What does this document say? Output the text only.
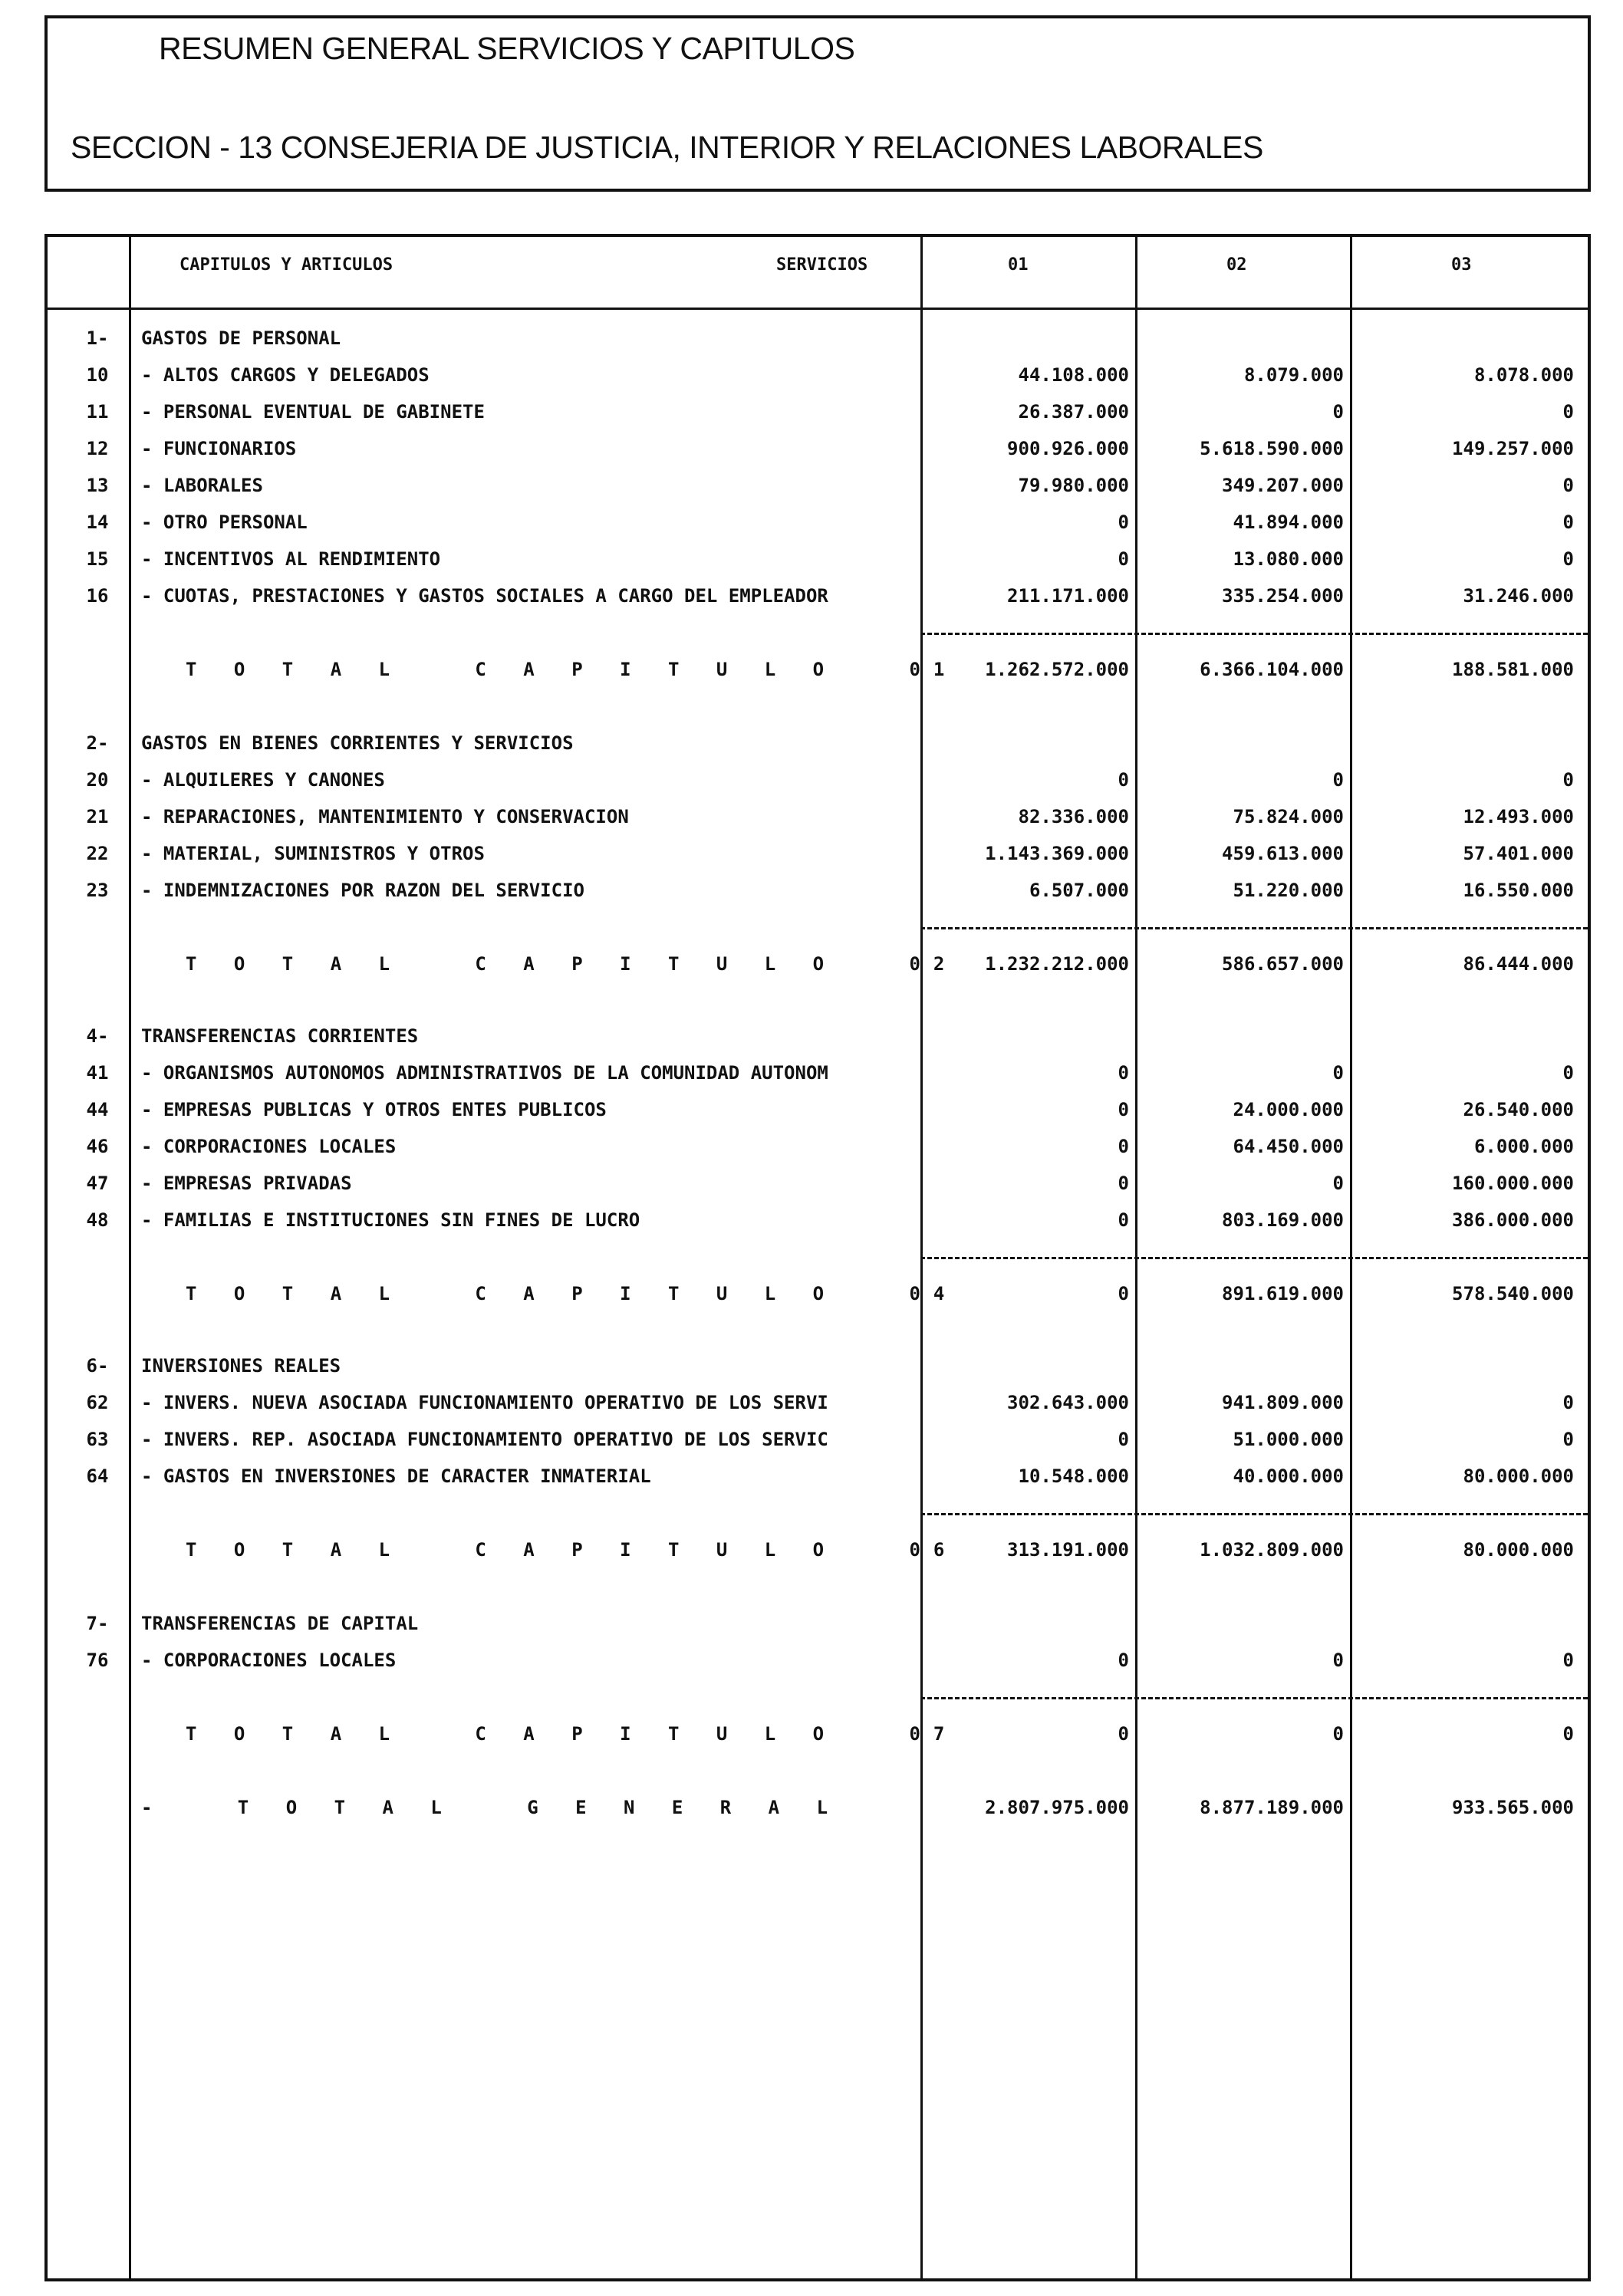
RESUMEN GENERAL SERVICIOS Y CAPITULOS
SECCION - 13 CONSEJERIA DE JUSTICIA, INTERIOR Y RELACIONES LABORALES
CAPITULOS Y ARTICULOS	SERVICIOS	01	02	03
1-	GASTOS DE PERSONAL
10	- ALTOS CARGOS Y DELEGADOS	44.108.000	8.079.000	8.078.000
11	- PERSONAL EVENTUAL DE GABINETE	26.387.000	0	0
12	- FUNCIONARIOS	900.926.000	5.618.590.000	149.257.000
13	- LABORALES	79.980.000	349.207.000	0
14	- OTRO PERSONAL	0	41.894.000	0
15	- INCENTIVOS AL RENDIMIENTO	0	13.080.000	0
16	- CUOTAS, PRESTACIONES Y GASTOS SOCIALES A CARGO DEL EMPLEADOR	211.171.000	335.254.000	31.246.000
T O T A L   C A P I T U L O   01	1.262.572.000	6.366.104.000	188.581.000
2-	GASTOS EN BIENES CORRIENTES Y SERVICIOS
20	- ALQUILERES Y CANONES	0	0	0
21	- REPARACIONES, MANTENIMIENTO Y CONSERVACION	82.336.000	75.824.000	12.493.000
22	- MATERIAL, SUMINISTROS Y OTROS	1.143.369.000	459.613.000	57.401.000
23	- INDEMNIZACIONES POR RAZON DEL SERVICIO	6.507.000	51.220.000	16.550.000
T O T A L   C A P I T U L O   02	1.232.212.000	586.657.000	86.444.000
4-	TRANSFERENCIAS CORRIENTES
41	- ORGANISMOS AUTONOMOS ADMINISTRATIVOS DE LA COMUNIDAD AUTONOM	0	0	0
44	- EMPRESAS PUBLICAS Y OTROS ENTES PUBLICOS	0	24.000.000	26.540.000
46	- CORPORACIONES LOCALES	0	64.450.000	6.000.000
47	- EMPRESAS PRIVADAS	0	0	160.000.000
48	- FAMILIAS E INSTITUCIONES SIN FINES DE LUCRO	0	803.169.000	386.000.000
T O T A L   C A P I T U L O   04	0	891.619.000	578.540.000
6-	INVERSIONES REALES
62	- INVERS. NUEVA ASOCIADA FUNCIONAMIENTO OPERATIVO DE LOS SERVI	302.643.000	941.809.000	0
63	- INVERS. REP. ASOCIADA FUNCIONAMIENTO OPERATIVO DE LOS SERVIC	0	51.000.000	0
64	- GASTOS EN INVERSIONES DE CARACTER INMATERIAL	10.548.000	40.000.000	80.000.000
T O T A L   C A P I T U L O   06	313.191.000	1.032.809.000	80.000.000
7-	TRANSFERENCIAS DE CAPITAL
76	- CORPORACIONES LOCALES	0	0	0
T O T A L   C A P I T U L O   07	0	0	0
-   T O T A L   G E N E R A L	2.807.975.000	8.877.189.000	933.565.000
